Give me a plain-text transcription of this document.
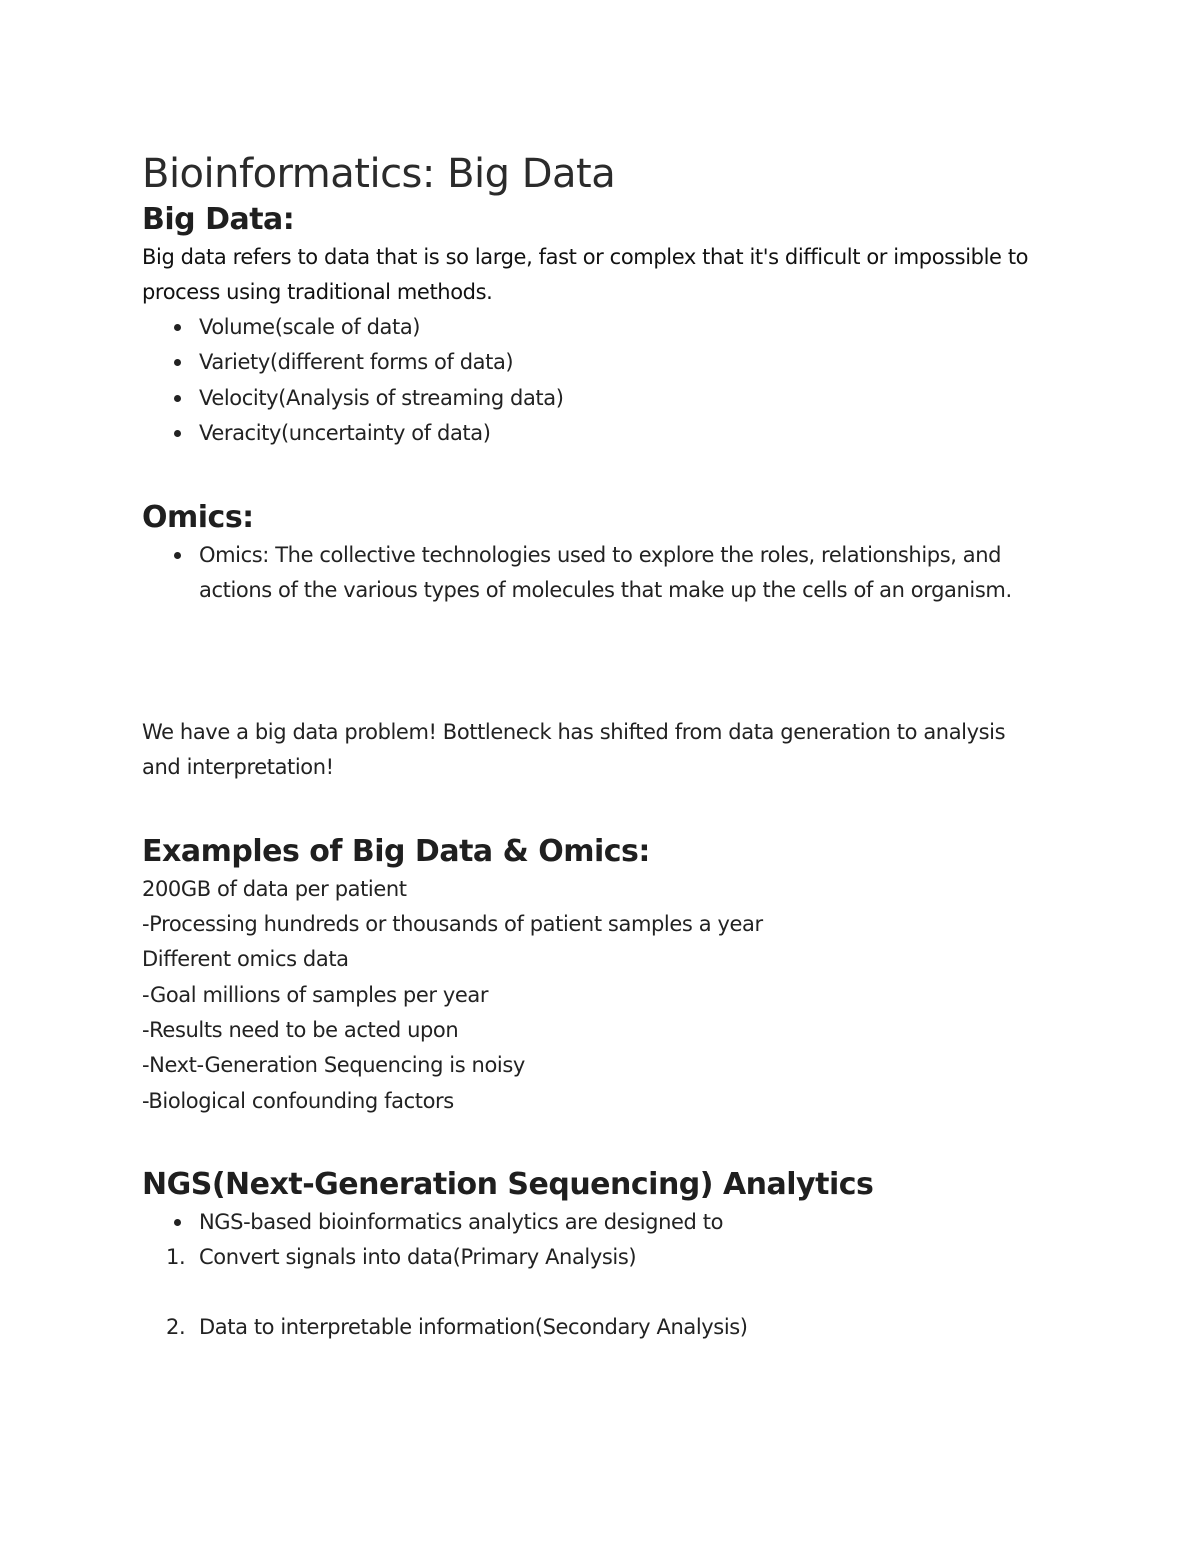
Bioinformatics: Big Data
Big Data:

Big data refers to data that is so large, fast or complex that it's difficult or impossible to
process using traditional methods.

Volume(scale of data)
Variety(different forms of data)
Velocity(Analysis of streaming data)
Veracity(uncertainty of data)
Omics:
Omics: The collective technologies used to explore the roles, relationships, and
actions of the various types of molecules that make up the cells of an organism.

We have a big data problem! Bottleneck has shifted from data generation to analysis
and interpretation!

Examples of Big Data & Omics:
200GB of data per patient
-Processing hundreds or thousands of patient samples a year
Different omics data
-Goal millions of samples per year
-Results need to be acted upon
-Next-Generation Sequencing is noisy
-Biological confounding factors
NGS(Next-Generation Sequencing) Analytics
NGS-based bioinformatics analytics are designed to
1. Convert signals into data(Primary Analysis)
2. Data to interpretable information(Secondary Analysis)
